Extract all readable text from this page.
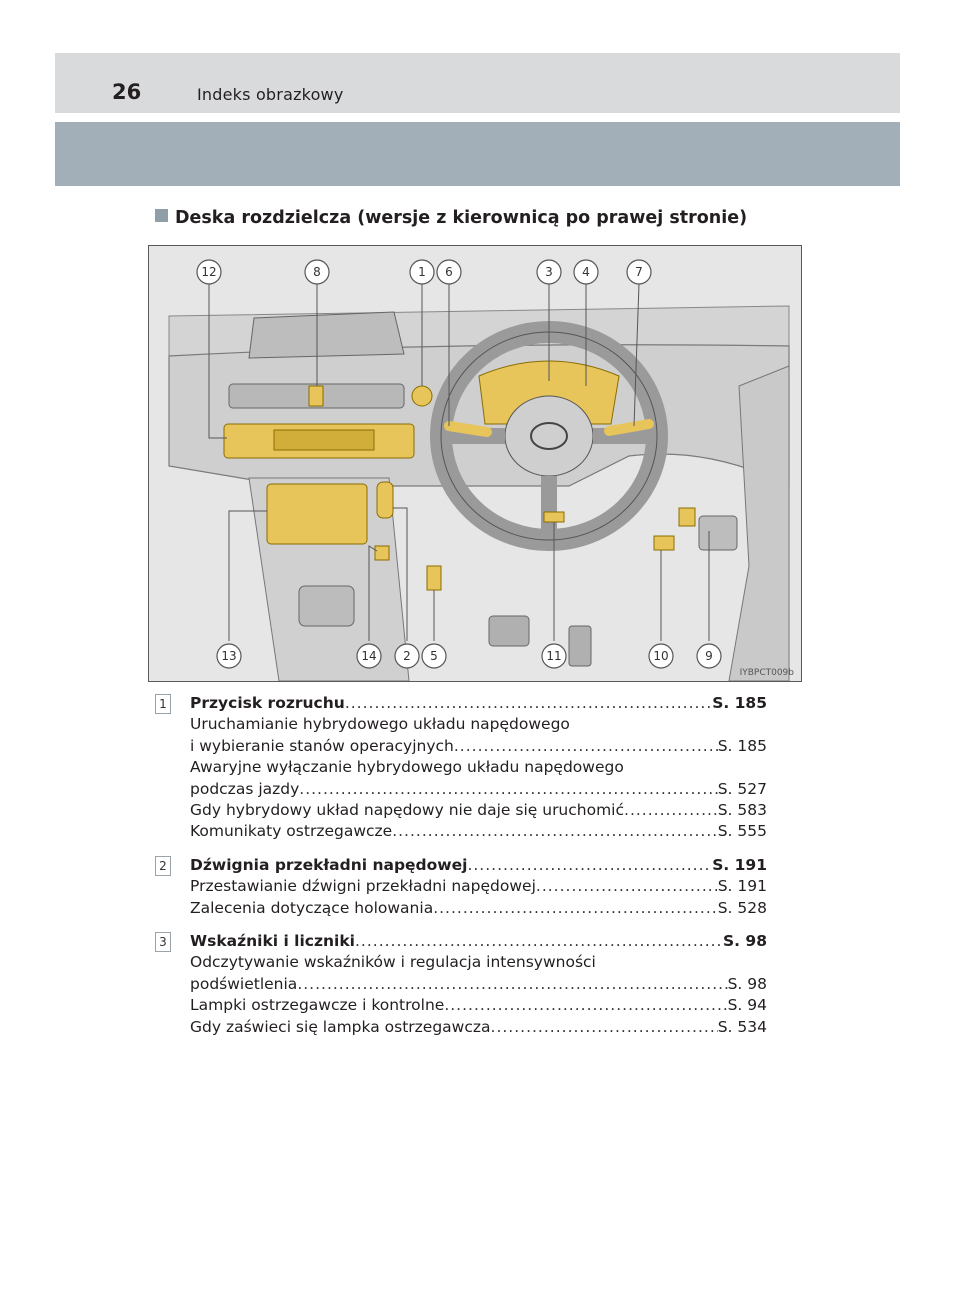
26	Indeks obrazkowy
Deska rozdzielcza (wersje z kierownicą po prawej stronie)
12	8	1 6	3 4	7
13	14 2 5	11	10	9
IYBPCT009b
1 Przycisk rozruchu .....	S. 185
Uruchamianie hybrydowego układu napędowego
i wybieranie stanów operacyjnych .....	S. 185
Awaryjne wyłączanie hybrydowego układu napędowego
podczas jazdy .....	S. 527
Gdy hybrydowy układ napędowy nie daje się uruchomić .....	S. 583
Komunikaty ostrzegawcze .....	S. 555
2 Dźwignia przekładni napędowej .....	S. 191
Przestawianie dźwigni przekładni napędowej .....	S. 191
Zalecenia dotyczące holowania .....	S. 528
3 Wskaźniki i liczniki .....	S. 98
Odczytywanie wskaźników i regulacja intensywności
podświetlenia .....	S. 98
Lampki ostrzegawcze i kontrolne .....	S. 94
Gdy zaświeci się lampka ostrzegawcza .....	S. 534
